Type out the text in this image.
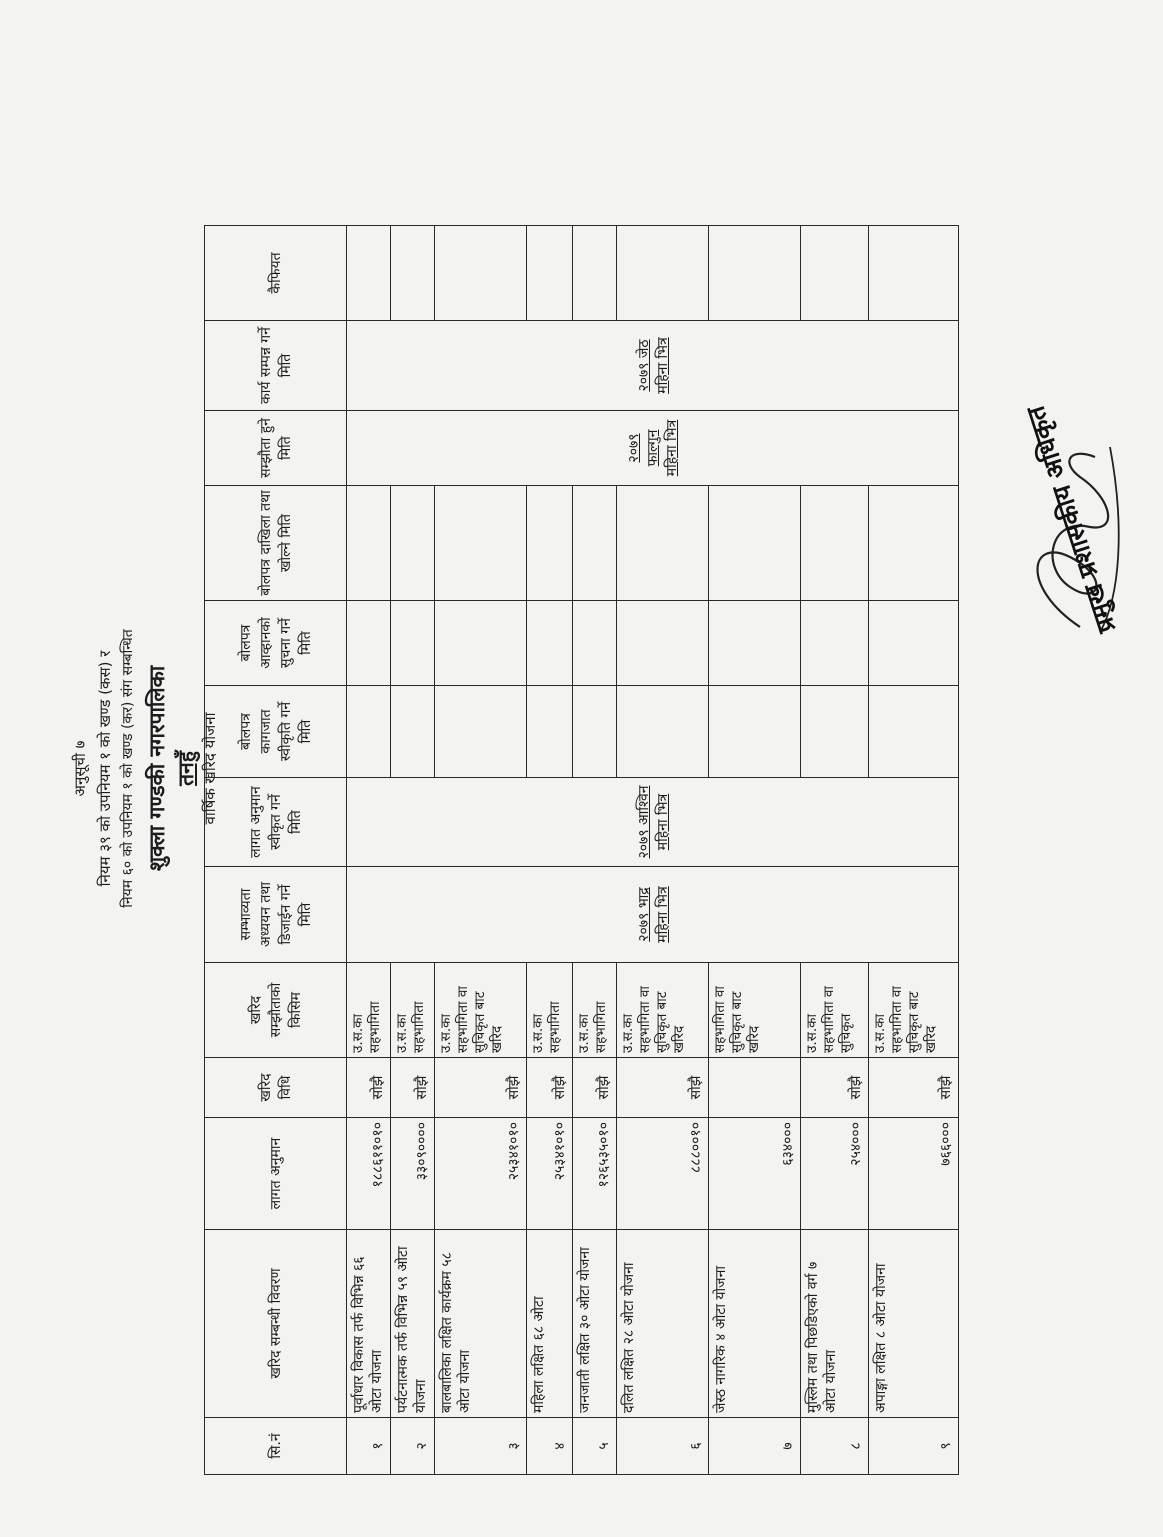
अनुसूची ७ नियम ३९ को उपनियम १ को खण्ड (कस) र नियम ६० को उपनियम १ को खण्ड (कर) संग सम्बन्धित शुक्ला गण्डकी नगरपालिका तनहुँ वार्षिक खरिद योजना
सि.नं	खरिद सम्बन्धी विवरण	लागत अनुमान	खरिद विधि	खरिद सम्झौताको किसिम	सम्भाव्यता अध्ययन तथा डिजाईन गर्ने मिति	लागत अनुमान स्वीकृत गर्ने मिति	बोलपत्र कागजात स्वीकृति गर्ने मिति	बोलपत्र आव्हानको सुचना गर्ने मिति	बोलपत्र दाखिला तथा खोल्ने मिति	सम्झौता हुने मिति	कार्य सम्पन्न गर्ने मिति	कैफियत
१	पूर्वाधार विकास तर्फ विभिन्न ६६ ओटा योजना	१८८६११०१०	सोझै	उ.स.का सहभागिता	२०७९ भाद्र महिना भित्र	२०७९ आश्विन महिना भित्र				२०७९ फाल्गुन महिना भित्र	२०७९ जेठ महिना भित्र	
२	पर्यटनात्मक तर्फ विभिन्न ५९ ओटा योजना	३३०९००००	सोझै	उ.स.का सहभागिता								
३	बालबालिका लक्षित कार्यक्रम ५८ ओटा योजना	२५३४१०१०	सोझै	उ.स.का सहभागिता वा सुचिकृत बाट खरिद								
४	महिला लक्षित ६८ ओटा	२५३४१०१०	सोझै	उ.स.का सहभागिता								
५	जनजाती लक्षित ३० ओटा योजना	१२६५३५०१०	सोझै	उ.स.का सहभागिता								
६	दलित लक्षित २८ ओटा योजना	८८८००१०	सोझै	उ.स.का सहभागिता वा सुचिकृत बाट खरिद								
७	जेस्ठ नागरिक ४ ओटा योजना	६३४०००		सहभागिता वा सुचिकृत बाट खरिद								
८	मुस्लिम तथा पिछडिएको वर्ग ७ ओटा योजना	२५४०००	सोझै	उ.स.का सहभागिता वा सुचिकृत								
९	अपाङ्गा लक्षित ८ ओटा योजना	७६६०००	सोझै	उ.स.का सहभागिता वा सुचिकृत बाट खरिद								
प्रमुख प्रशासकीय अधिकृत
